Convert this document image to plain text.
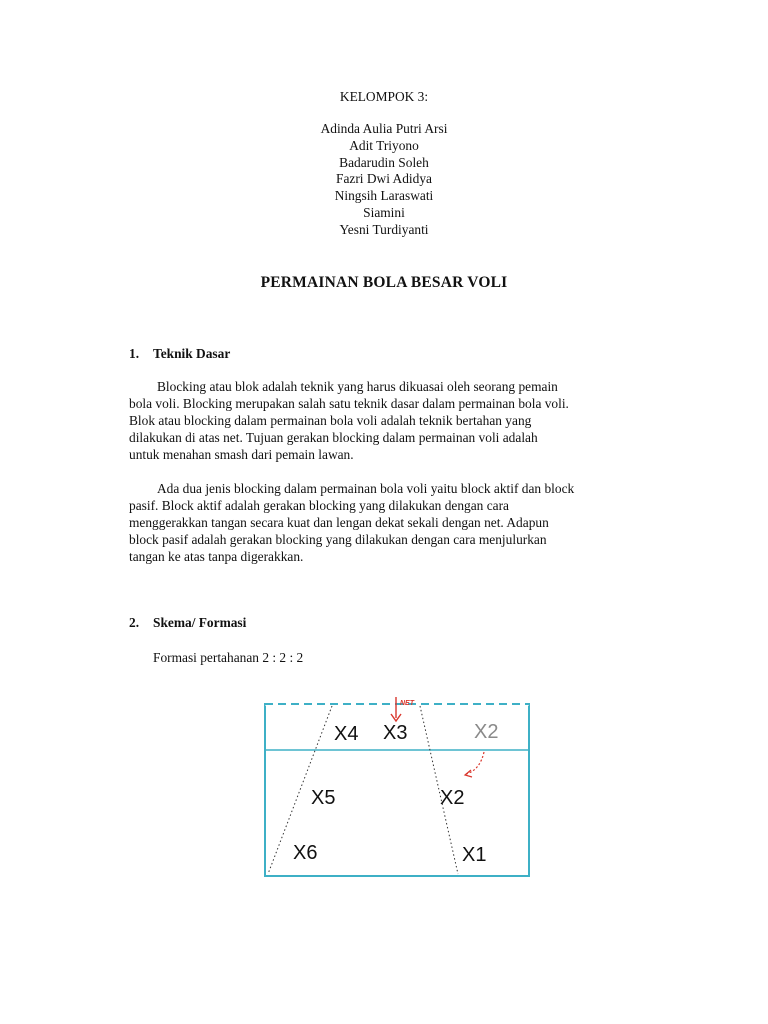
KELOMPOK 3:
Adinda Aulia Putri Arsi
Adit Triyono
Badarudin Soleh
Fazri Dwi Adidya
Ningsih Laraswati
Siamini
Yesni Turdiyanti
PERMAINAN BOLA BESAR VOLI
1. Teknik Dasar

Blocking atau blok adalah teknik yang harus dikuasai oleh seorang pemain
bola voli. Blocking merupakan salah satu teknik dasar dalam permainan bola voli.
Blok atau blocking dalam permainan bola voli adalah teknik bertahan yang
dilakukan di atas net. Tujuan gerakan blocking dalam permainan voli adalah
untuk menahan smash dari pemain lawan.

Ada dua jenis blocking dalam permainan bola voli yaitu block aktif dan block
pasif. Block aktif adalah gerakan blocking yang dilakukan dengan cara
menggerakkan tangan secara kuat dan lengan dekat sekali dengan net. Adapun
block pasif adalah gerakan blocking yang dilakukan dengan cara menjulurkan
tangan ke atas tanpa digerakkan.

2. Skema/ Formasi
Formasi pertahanan 2 : 2 : 2
NET
X4 X3	X2
X5	X2
X6	X1
